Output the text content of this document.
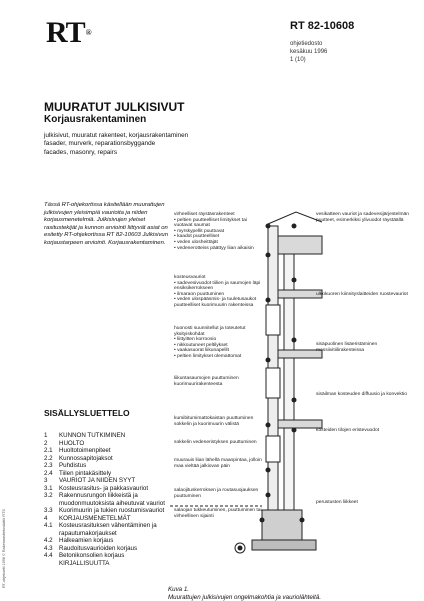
RT®
RT 82-10608
ohjetiedosto
kesäkuu 1996
1 (10)
MUURATUT JULKISIVUT
Korjausrakentaminen
julkisivut, muuratut rakenteet, korjausrakentaminen
fasader, murverk, reparationsbyggande
facades, masonry, repairs
Tässä RT-ohjekortissa käsitellään muurattujen julkisivujen yleisimpiä vaurioita ja niiden korjausmenetelmiä. Julkisivujen yleiset rasitustekijät ja kunnon arviointi liittyvät asiat on esitetty RT-ohjekortissa RT 82-10603 Julkisivun korjaustarpeen arviointi. Korjausrakentaminen.
SISÄLLYSLUETTELO
1	KUNNON TUTKIMINEN
2	HUOLTO
2.1	Huoltotoimenpiteet
2.2	Kunnossapitojaksot
2.3	Puhdistus
2.4	Tiilen pintakäsittely
3	VAURIOT JA NIIDEN SYYT
3.1	Kosteusrasitus- ja pakkasvauriot
3.2	Rakennusrungon liikkeistä ja muodonmuutoksista aiheutuvat vauriot
3.3	Kuorimuurin ja tukien ruostumisvauriot
4	KORJAUSMENETELMÄT
4.1	Kosteusrasituksen vähentäminen ja rapautumakorjaukset
4.2	Halkeamien korjaus
4.3	Raudoitusvaurioiden korjaus
4.4	Betonikonsolien korjaus
KIRJALLISUUTTA
RT-ohjekortti 1996 © Rakennustietosäätiö RTS
virheelliset räystäsrakenteet
• peltien puutteelliset limitykset tai vuotavat saumat
• myrskypellit puuttuvat
• kaadot puutteelliset
• veden ulosheittäjät
• vedenerotteiss päättyy liian aikaisin
kosteusvauriot
• sadevesivuodot tiilien ja saumojen läpi ensiksikerrokseen
• ilmaraon puuttuminen
• veden ulospääsmis- ja tuuletusaukot puutteelliset kuorimuurin rakenteissa
huonosti suunnitellut ja toteutetut yksityiskohdat
• liittyitten korroosio
• nikkoutuneet peltilykset
• vaakasuorat liikunapellit
• peltien limitykset olemattomat
liikuntasaumojen puuttuminen kuorimuurirakenteesta
kumibitumimattokaistan puuttuminen sokkelin ja kuorimuurin välistä
sokkelin vedeneristyksen puuttuminen
muurauis liian lähellä maanpintaa, jolloin maa vieltää jalkiovan päin
salaojituskerroksen ja routasuojauksen puuttuminen
salaojan tukkeutuminen, puuttuminen tai virheellinen sijainti
vesikatteen vauriot ja sadevesijärjestelmän puutteet, esimerkiksi ylivuodot räystäällä
ulkokuoren kiinnityslaitteiden ruostevauriot
sisäpuolinen lisäeristäminen massiivitiilirakenteissa
sisäilman kosteuden diffuusio ja konvektio
kosteiden tilojen eristevuodot
perustusten liikkeet
Kuva 1.
Muurattujen julkisivujen ongelmakohtia ja vauriolähteitä.
